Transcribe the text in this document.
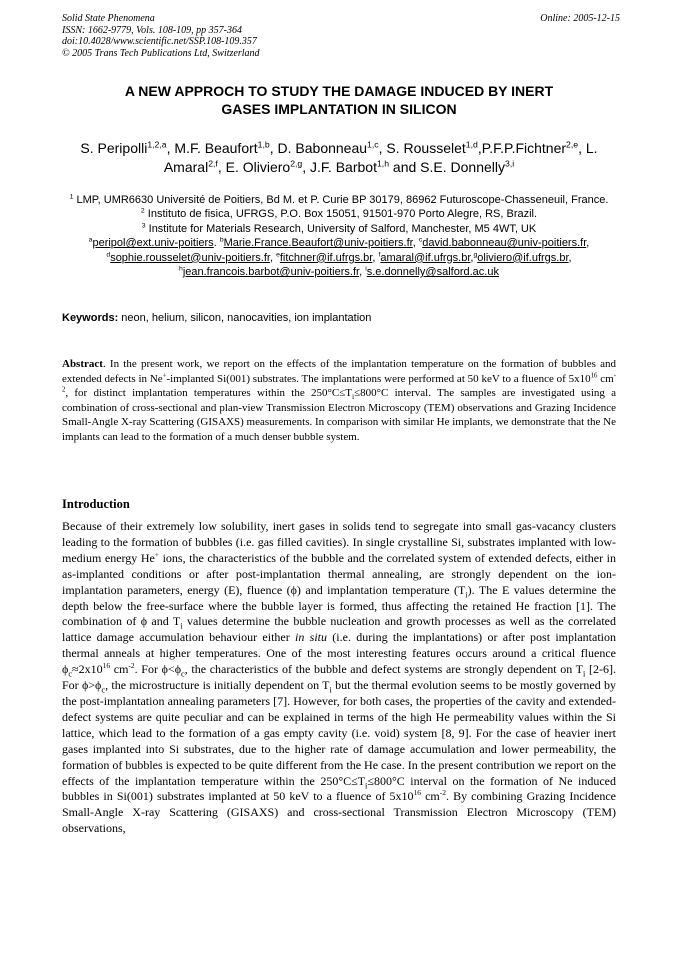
Solid State Phenomena
ISSN: 1662-9779, Vols. 108-109, pp 357-364
doi:10.4028/www.scientific.net/SSP.108-109.357
© 2005 Trans Tech Publications Ltd, Switzerland
Online: 2005-12-15
A NEW APPROCH TO STUDY THE DAMAGE INDUCED BY INERT
GASES IMPLANTATION IN SILICON
S. Peripolli$^{1,2,a}$, M.F. Beaufort$^{1,b}$, D. Babonneau$^{1,c}$, S. Rousselet$^{1,d}$,P.F.P.Fichtner$^{2,e}$, L. Amaral$^{2,f}$, E. Oliviero$^{2,g}$, J.F. Barbot$^{1,h}$ and S.E. Donnelly$^{3,i}$
$^1$ LMP, UMR6630 Université de Poitiers, Bd M. et P. Curie BP 30179, 86962 Futuroscope-Chasseneuil, France.
$^2$ Instituto de fisica, UFRGS, P.O. Box 15051, 91501-970 Porto Alegre, RS, Brazil.
$^3$ Institute for Materials Research, University of Salford, Manchester, M5 4WT, UK
$^a$peripol@ext.univ-poitiers. $^b$Marie.France.Beaufort@univ-poitiers.fr, $^c$david.babonneau@univ-poitiers.fr, $^d$sophie.rousselet@univ-poitiers.fr, $^e$fitchner@if.ufrgs.br, $^f$amaral@if.ufrgs.br,$^g$oliviero@if.ufrgs.br, $^h$jean.francois.barbot@univ-poitiers.fr, $^i$s.e.donnelly@salford.ac.uk
Keywords: neon, helium, silicon, nanocavities, ion implantation
Abstract. In the present work, we report on the effects of the implantation temperature on the formation of bubbles and extended defects in Ne+-implanted Si(001) substrates. The implantations were performed at 50 keV to a fluence of $5x10^{16}$ $cm^{-2}$, for distinct implantation temperatures within the $250^\circ C\le T_i\le 800^\circ C$ interval. The samples are investigated using a combination of cross-sectional and plan-view Transmission Electron Microscopy (TEM) observations and Grazing Incidence Small-Angle X-ray Scattering (GISAXS) measurements. In comparison with similar He implants, we demonstrate that the Ne implants can lead to the formation of a much denser bubble system.
Introduction
Because of their extremely low solubility, inert gases in solids tend to segregate into small gas-vacancy clusters leading to the formation of bubbles (i.e. gas filled cavities). In single crystalline Si, substrates implanted with low-medium energy He+ ions, the characteristics of the bubble and the correlated system of extended defects, either in as-implanted conditions or after post-implantation thermal annealing, are strongly dependent on the ion-implantation parameters, energy (E), fluence (ϕ) and implantation temperature $(T_i)$. The E values determine the depth below the free-surface where the bubble layer is formed, thus affecting the retained He fraction [1]. The combination of ϕ and $T_i$ values determine the bubble nucleation and growth processes as well as the correlated lattice damage accumulation behaviour either in situ (i.e. during the implantations) or after post implantation thermal anneals at higher temperatures. One of the most interesting features occurs around a critical fluence $\phi_c\approx 2x10^{16}$ $cm^{-2}$. For $\phi<\phi_c$, the characteristics of the bubble and defect systems are strongly dependent on $T_i$ [2-6]. For $\phi>\phi_c$, the microstructure is initially dependent on $T_i$ but the thermal evolution seems to be mostly governed by the post-implantation annealing parameters [7]. However, for both cases, the properties of the cavity and extended-defect systems are quite peculiar and can be explained in terms of the high He permeability values within the Si lattice, which lead to the formation of a gas empty cavity (i.e. void) system [8, 9]. For the case of heavier inert gases implanted into Si substrates, due to the higher rate of damage accumulation and lower permeability, the formation of bubbles is expected to be quite different from the He case. In the present contribution we report on the effects of the implantation temperature within the $250^\circ C\le T_i\le 800^\circ C$ interval on the formation of Ne induced bubbles in Si(001) substrates implanted at 50 keV to a fluence of $5x10^{16}$ $cm^{-2}$. By combining Grazing Incidence Small-Angle X-ray Scattering (GISAXS) and cross-sectional Transmission Electron Microscopy (TEM) observations,
